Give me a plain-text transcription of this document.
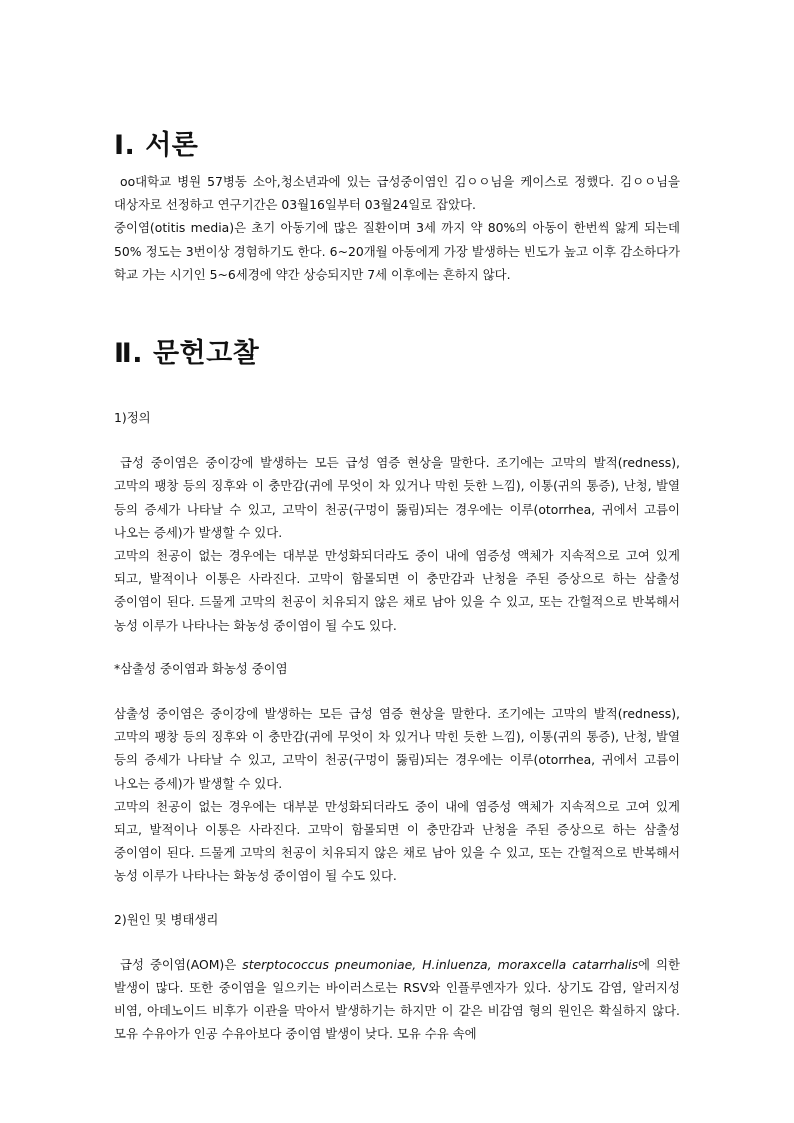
Ⅰ. 서론

oo대학교 병원 57병동 소아,청소년과에 있는 급성중이염인 김ㅇㅇ님을 케이스로 정했다. 김ㅇㅇ님을 대상자로 선정하고 연구기간은 03월16일부터 03월24일로 잡았다.

중이염(otitis media)은 초기 아동기에 많은 질환이며 3세 까지 약 80%의 아동이 한번씩 앓게 되는데 50% 정도는 3번이상 경험하기도 한다. 6~20개월 아동에게 가장 발생하는 빈도가 높고 이후 감소하다가 학교 가는 시기인 5~6세경에 약간 상승되지만 7세 이후에는 흔하지 않다.

Ⅱ. 문헌고찰

1)정의

급성 중이염은 중이강에 발생하는 모든 급성 염증 현상을 말한다. 조기에는 고막의 발적(redness), 고막의 팽창 등의 징후와 이 충만감(귀에 무엇이 차 있거나 막힌 듯한 느낌), 이통(귀의 통증), 난청, 발열 등의 증세가 나타날 수 있고, 고막이 천공(구멍이 뚫림)되는 경우에는 이루(otorrhea, 귀에서 고름이 나오는 증세)가 발생할 수 있다.

고막의 천공이 없는 경우에는 대부분 만성화되더라도 중이 내에 염증성 액체가 지속적으로 고여 있게 되고, 발적이나 이통은 사라진다. 고막이 함몰되면 이 충만감과 난청을 주된 증상으로 하는 삼출성 중이염이 된다. 드물게 고막의 천공이 치유되지 않은 채로 남아 있을 수 있고, 또는 간헐적으로 반복해서 농성 이루가 나타나는 화농성 중이염이 될 수도 있다.

*삼출성 중이염과 화농성 중이염

삼출성 중이염은 중이강에 발생하는 모든 급성 염증 현상을 말한다. 조기에는 고막의 발적(redness), 고막의 팽창 등의 징후와 이 충만감(귀에 무엇이 차 있거나 막힌 듯한 느낌), 이통(귀의 통증), 난청, 발열 등의 증세가 나타날 수 있고, 고막이 천공(구멍이 뚫림)되는 경우에는 이루(otorrhea, 귀에서 고름이 나오는 증세)가 발생할 수 있다.

고막의 천공이 없는 경우에는 대부분 만성화되더라도 중이 내에 염증성 액체가 지속적으로 고여 있게 되고, 발적이나 이통은 사라진다. 고막이 함몰되면 이 충만감과 난청을 주된 증상으로 하는 삼출성 중이염이 된다. 드물게 고막의 천공이 치유되지 않은 채로 남아 있을 수 있고, 또는 간헐적으로 반복해서 농성 이루가 나타나는 화농성 중이염이 될 수도 있다.

2)원인 및 병태생리

급성 중이염(AOM)은 sterptococcus pneumoniae, H.inluenza, moraxcella catarrhalis에 의한 발생이 많다. 또한 중이염을 일으키는 바이러스로는 RSV와 인플루엔자가 있다. 상기도 감염, 알러지성 비염, 아데노이드 비후가 이관을 막아서 발생하기는 하지만 이 같은 비감염 형의 원인은 확실하지 않다. 모유 수유아가 인공 수유아보다 중이염 발생이 낮다. 모유 수유 속에
